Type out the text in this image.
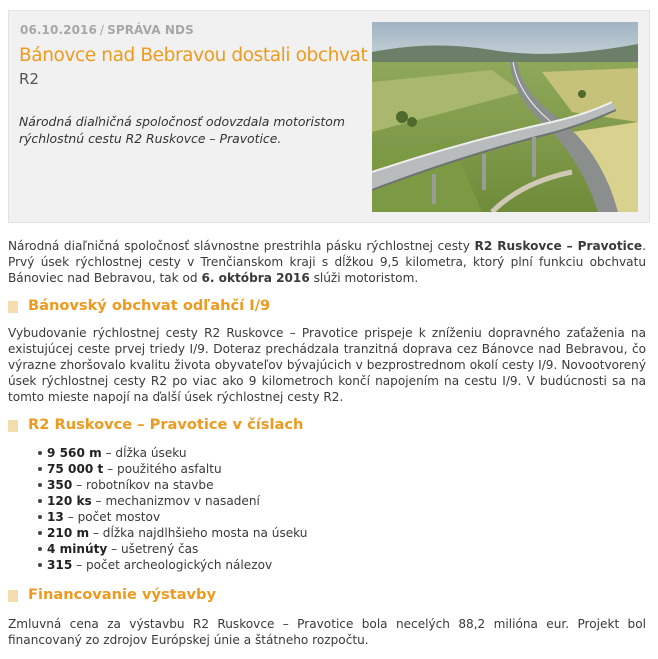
06.10.2016 / SPRÁVA NDS
Bánovce nad Bebravou dostali obchvat
R2
Národná diaľničná spoločnosť odovzdala motoristom rýchlostnú cestu R2 Ruskovce – Pravotice.

Národná diaľničná spoločnosť slávnostne prestrihla pásku rýchlostnej cesty R2 Ruskovce – Pravotice. Prvý úsek rýchlostnej cesty v Trenčianskom kraji s dĺžkou 9,5 kilometra, ktorý plní funkciu obchvatu Bánoviec nad Bebravou, tak od 6. októbra 2016 slúži motoristom.

Bánovský obchvat odľahčí I/9

Vybudovanie rýchlostnej cesty R2 Ruskovce – Pravotice prispeje k zníženiu dopravného zaťaženia na existujúcej ceste prvej triedy I/9. Doteraz prechádzala tranzitná doprava cez Bánovce nad Bebravou, čo výrazne zhoršovalo kvalitu života obyvateľov bývajúcich v bezprostrednom okolí cesty I/9. Novootvorený úsek rýchlostnej cesty R2 po viac ako 9 kilometroch končí napojením na cestu I/9. V budúcnosti sa na tomto mieste napojí na ďalší úsek rýchlostnej cesty R2.

R2 Ruskovce – Pravotice v číslach
9 560 m – dĺžka úseku
75 000 t – použitého asfaltu
350 – robotníkov na stavbe
120 ks – mechanizmov v nasadení
13 – počet mostov
210 m – dĺžka najdlhšieho mosta na úseku
4 minúty – ušetrený čas
315 – počet archeologických nálezov
Financovanie výstavby

Zmluvná cena za výstavbu R2 Ruskovce – Pravotice bola necelých 88,2 milióna eur. Projekt bol financovaný zo zdrojov Európskej únie a štátneho rozpočtu.
